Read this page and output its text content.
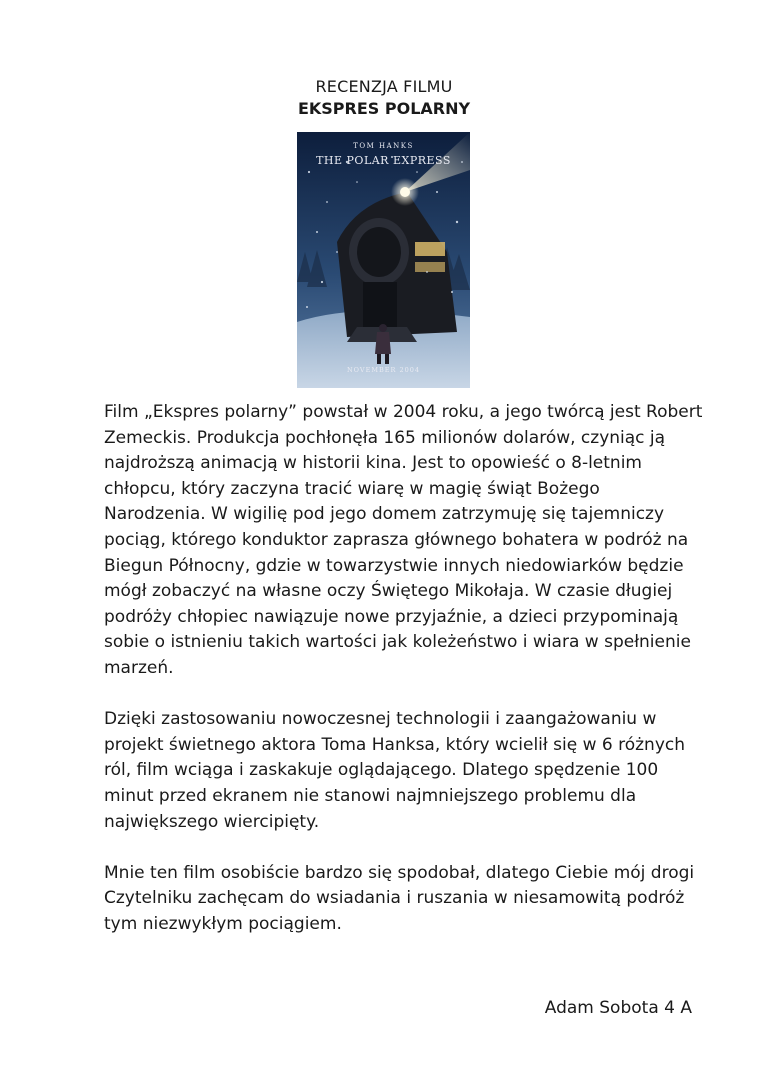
RECENZJA FILMU
EKSPRES POLARNY
TOM HANKS
THE POLAR EXPRESS
NOVEMBER 2004

Film „Ekspres polarny” powstał w 2004 roku, a jego twórcą jest Robert Zemeckis. Produkcja pochłonęła 165 milionów dolarów, czyniąc ją najdroższą animacją w historii kina. Jest to opowieść o 8-letnim chłopcu, który zaczyna tracić wiarę w magię świąt Bożego Narodzenia. W wigilię pod jego domem zatrzymuję się tajemniczy pociąg, którego konduktor zaprasza głównego bohatera w podróż na Biegun Północny, gdzie w towarzystwie innych niedowiarków będzie mógł zobaczyć na własne oczy Świętego Mikołaja. W czasie długiej podróży chłopiec nawiązuje nowe przyjaźnie, a dzieci przypominają sobie o istnieniu takich wartości jak koleżeństwo i wiara w spełnienie marzeń.

Dzięki zastosowaniu nowoczesnej technologii i zaangażowaniu w projekt świetnego aktora Toma Hanksa, który wcielił się w 6 różnych ról, film wciąga i zaskakuje oglądającego. Dlatego spędzenie 100 minut przed ekranem nie stanowi najmniejszego problemu dla największego wiercipięty.

Mnie ten film osobiście bardzo się spodobał, dlatego Ciebie mój drogi Czytelniku zachęcam do wsiadania i ruszania w niesamowitą podróż tym niezwykłym pociągiem.

Adam Sobota 4 A
